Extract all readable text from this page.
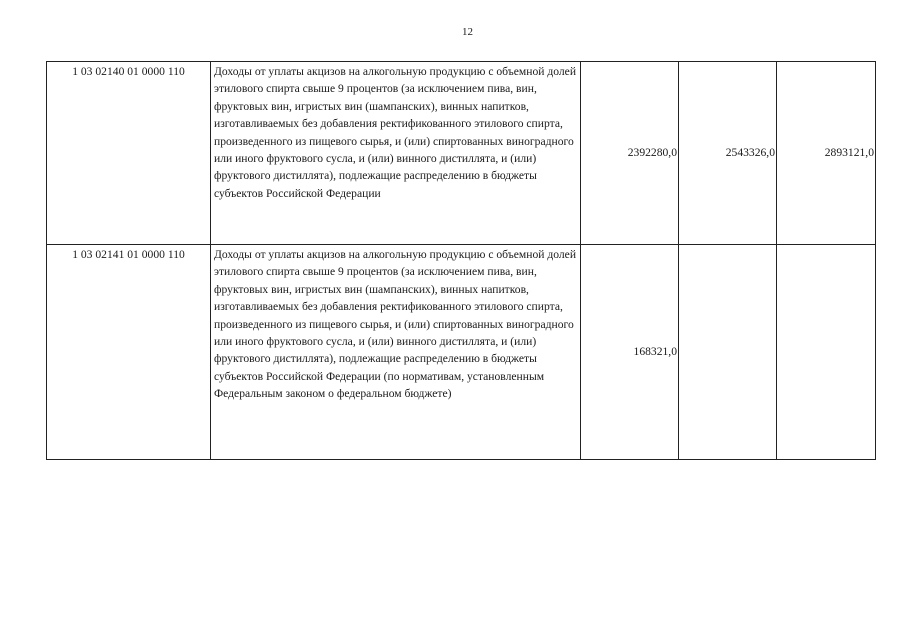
12
1 03 02140 01 0000 110	Доходы от уплаты акцизов на алкогольную продукцию с объемной долей этилового спирта свыше 9 процентов (за исключением пива, вин, фруктовых вин, игристых вин (шампанских), винных напитков, изготавливаемых без добавления ректификованного этилового спирта, произведенного из пищевого сырья, и (или) спиртованных виноградного или иного фруктового сусла, и (или) винного дистиллята, и (или) фруктового дистиллята), подлежащие распределению в бюджеты субъектов Российской Федерации	2392280,0	2543326,0	2893121,0
1 03 02141 01 0000 110	Доходы от уплаты акцизов на алкогольную продукцию с объемной долей этилового спирта свыше 9 процентов (за исключением пива, вин, фруктовых вин, игристых вин (шампанских), винных напитков, изготавливаемых без добавления ректификованного этилового спирта, произведенного из пищевого сырья, и (или) спиртованных виноградного или иного фруктового сусла, и (или) винного дистиллята, и (или) фруктового дистиллята), подлежащие распределению в бюджеты субъектов Российской Федерации (по нормативам, установленным Федеральным законом о федеральном бюджете)	168321,0		
